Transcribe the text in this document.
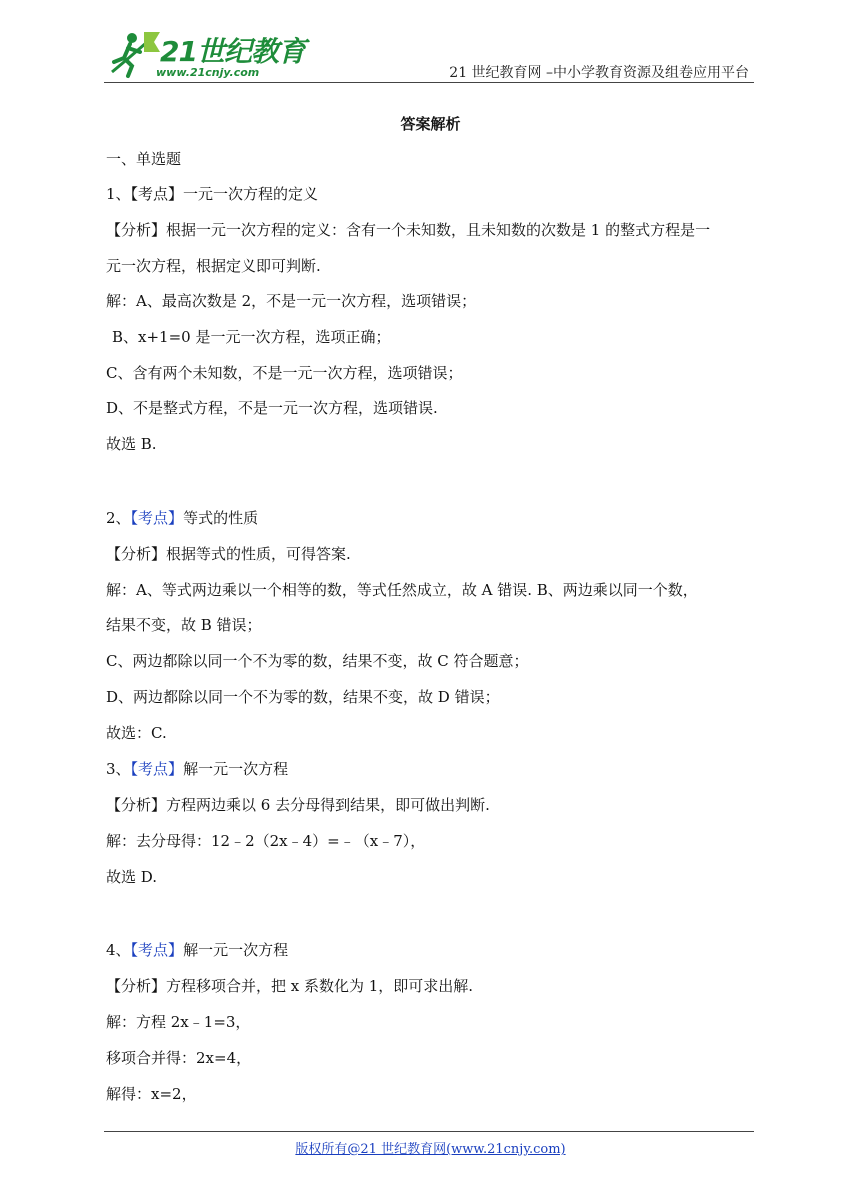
21世纪教育
www.21cnjy.com	21 世纪教育网 –中小学教育资源及组卷应用平台
答案解析
一、单选题
1、【考点】一元一次方程的定义
【分析】根据一元一次方程的定义：含有一个未知数，且未知数的次数是 1 的整式方程是一
元一次方程，根据定义即可判断.
解：A、最高次数是 2，不是一元一次方程，选项错误；
B、x+1=0 是一元一次方程，选项正确；
C、含有两个未知数，不是一元一次方程，选项错误；
D、不是整式方程，不是一元一次方程，选项错误.
故选 B.
2、【考点】等式的性质
【分析】根据等式的性质，可得答案.
解：A、等式两边乘以一个相等的数，等式任然成立，故 A 错误. B、两边乘以同一个数，
结果不变，故 B 错误；
C、两边都除以同一个不为零的数，结果不变，故 C 符合题意；
D、两边都除以同一个不为零的数，结果不变，故 D 错误；
故选：C.
3、【考点】解一元一次方程
【分析】方程两边乘以 6 去分母得到结果，即可做出判断.
解：去分母得：12﹣2（2x﹣4）=﹣（x﹣7），
故选 D.
4、【考点】解一元一次方程
【分析】方程移项合并，把 x 系数化为 1，即可求出解.
解：方程 2x﹣1=3，
移项合并得：2x=4，
解得：x=2，
版权所有@21 世纪教育网(www.21cnjy.com)
